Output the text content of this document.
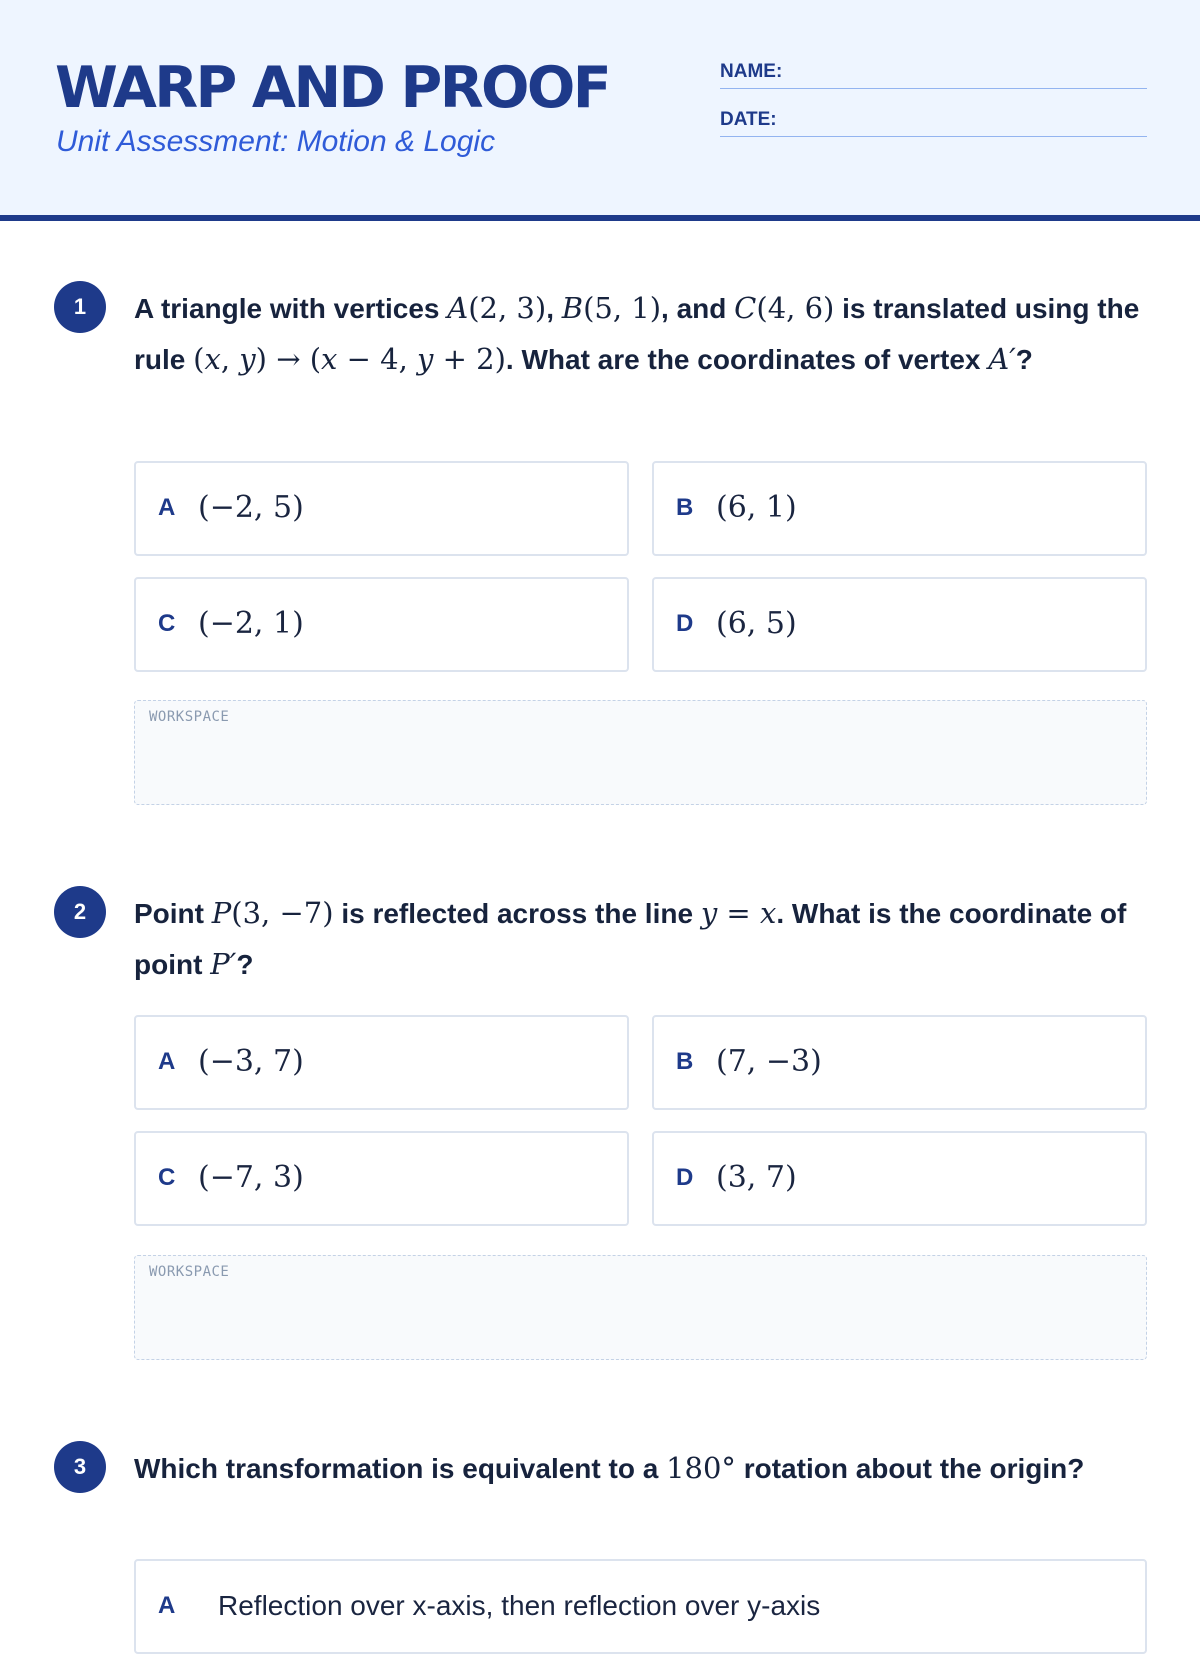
WARP AND PROOF
Unit Assessment: Motion & Logic
NAME:
DATE:
1	A triangle with vertices A(2, 3), B(5, 1), and C(4, 6) is translated using the rule (x, y) → (x − 4, y + 2). What are the coordinates of vertex A′?

A (−2, 5)	B (6, 1)
C (−2, 1)	D (6, 5)
WORKSPACE
2	Point P(3, −7) is reflected across the line y = x. What is the coordinate of point P′?

A (−3, 7)	B (7, −3)
C (−7, 3)	D (3, 7)
WORKSPACE
3	Which transformation is equivalent to a 180° rotation about the origin?

A Reflection over x-axis, then reflection over y-axis
